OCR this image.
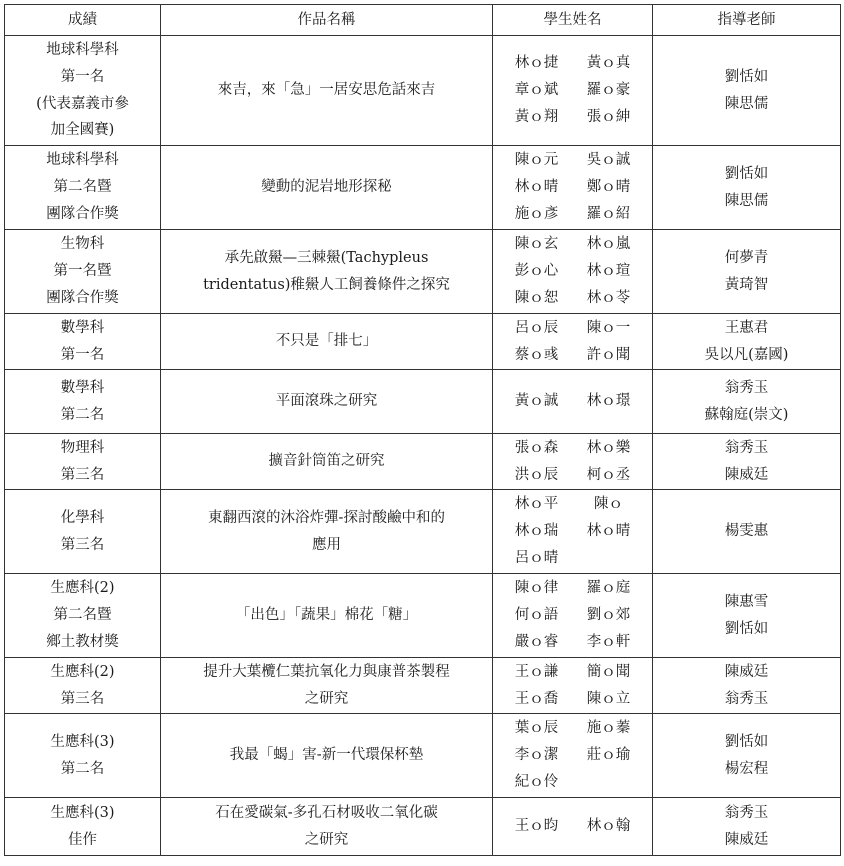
成績	作品名稱	學生姓名	指導老師

地球科學科
第一名
(代表嘉義市參
加全國賽)	來吉，來「急」一居安思危話來吉	林ｏ捷 黃ｏ真
章ｏ斌 羅ｏ豪
黃ｏ翔 張ｏ紳	劉恬如
陳思儒

地球科學科
第二名暨
團隊合作獎	變動的泥岩地形探秘	陳ｏ元 吳ｏ誠
林ｏ晴 鄭ｏ晴
施ｏ彥 羅ｏ紹	劉恬如
陳思儒

生物科
第一名暨
團隊合作獎	承先啟鱟—三棘鱟(Tachypleus
tridentatus)稚鱟人工飼養條件之探究	陳ｏ玄 林ｏ嵐
彭ｏ心 林ｏ瑄
陳ｏ恕 林ｏ苓	何夢青
黃琦智

數學科
第一名	不只是「排七」	呂ｏ辰 陳ｏ一
蔡ｏ彧 許ｏ聞	王惠君
吳以凡(嘉國)

數學科
第二名	平面滾珠之研究	黃ｏ誠 林ｏ璟	翁秀玉
蘇翰庭(崇文)

物理科
第三名	擴音針筒笛之研究	張ｏ森 林ｏ樂
洪ｏ辰 柯ｏ丞	翁秀玉
陳威廷

化學科
第三名	東翻西滾的沐浴炸彈-探討酸鹼中和的
應用	林ｏ平 陳ｏ
林ｏ瑞 林ｏ晴
呂ｏ晴	楊雯惠

生應科(2)
第二名暨
鄉土教材獎	「出色」「蔬果」棉花「糖」	陳ｏ律 羅ｏ庭
何ｏ語 劉ｏ郊
嚴ｏ睿 李ｏ軒	陳惠雪
劉恬如

生應科(2)
第三名	提升大葉欖仁葉抗氧化力與康普茶製程
之研究	王ｏ謙 簡ｏ聞
王ｏ喬 陳ｏ立	陳威廷
翁秀玉

生應科(3)
第二名	我最「蝎」害-新一代環保杯墊	葉ｏ辰 施ｏ蓁
李ｏ潔 莊ｏ瑜
紀ｏ伶	劉恬如
楊宏程

生應科(3)
佳作	石在愛碳氣-多孔石材吸收二氧化碳
之研究	王ｏ昀 林ｏ翰	翁秀玉
陳威廷
